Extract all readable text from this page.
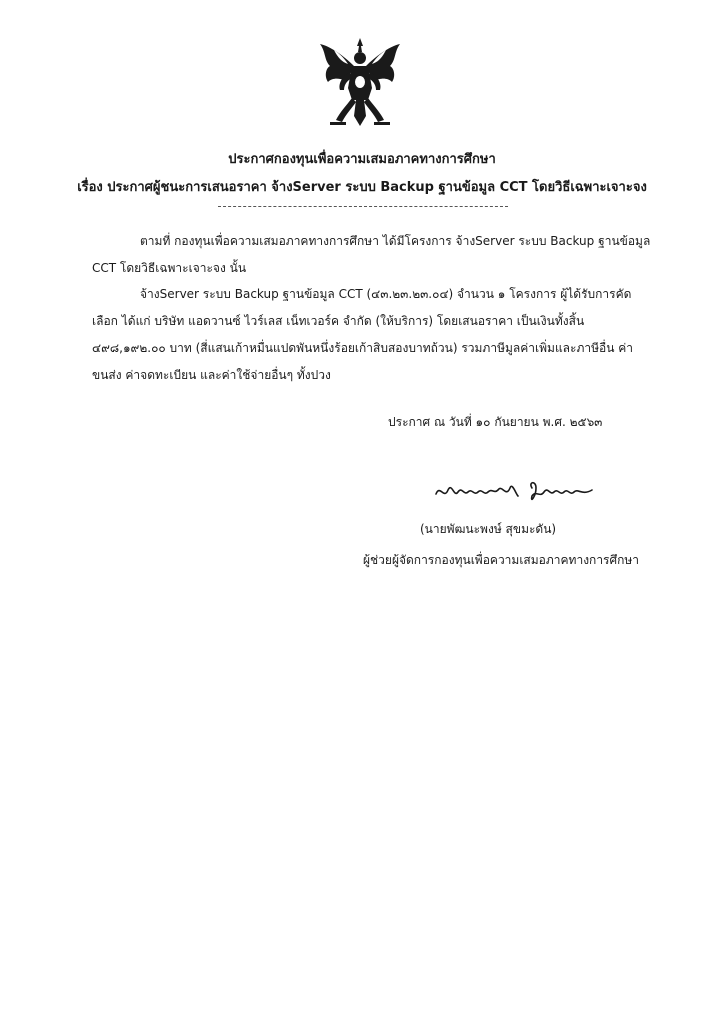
ประกาศกองทุนเพื่อความเสมอภาคทางการศึกษา
เรื่อง ประกาศผู้ชนะการเสนอราคา จ้างServer ระบบ Backup ฐานข้อมูล CCT โดยวิธีเฉพาะเจาะจง
ตามที่ กองทุนเพื่อความเสมอภาคทางการศึกษา ได้มีโครงการ จ้างServer ระบบ Backup ฐานข้อมูล CCT โดยวิธีเฉพาะเจาะจง นั้น
จ้างServer ระบบ Backup ฐานข้อมูล CCT (๔๓.๒๓.๒๓.๐๔) จำนวน ๑ โครงการ ผู้ได้รับการคัดเลือก ได้แก่ บริษัท แอดวานซ์ ไวร์เลส เน็ทเวอร์ค จำกัด (ให้บริการ) โดยเสนอราคา เป็นเงินทั้งสิ้น ๔๙๘,๑๙๒.๐๐ บาท (สี่แสนเก้าหมื่นแปดพันหนึ่งร้อยเก้าสิบสองบาทถ้วน) รวมภาษีมูลค่าเพิ่มและภาษีอื่น ค่าขนส่ง ค่าจดทะเบียน และค่าใช้จ่ายอื่นๆ ทั้งปวง
ประกาศ ณ วันที่ ๑๐ กันยายน พ.ศ. ๒๕๖๓
(นายพัฒนะพงษ์ สุขมะดัน)
ผู้ช่วยผู้จัดการกองทุนเพื่อความเสมอภาคทางการศึกษา
